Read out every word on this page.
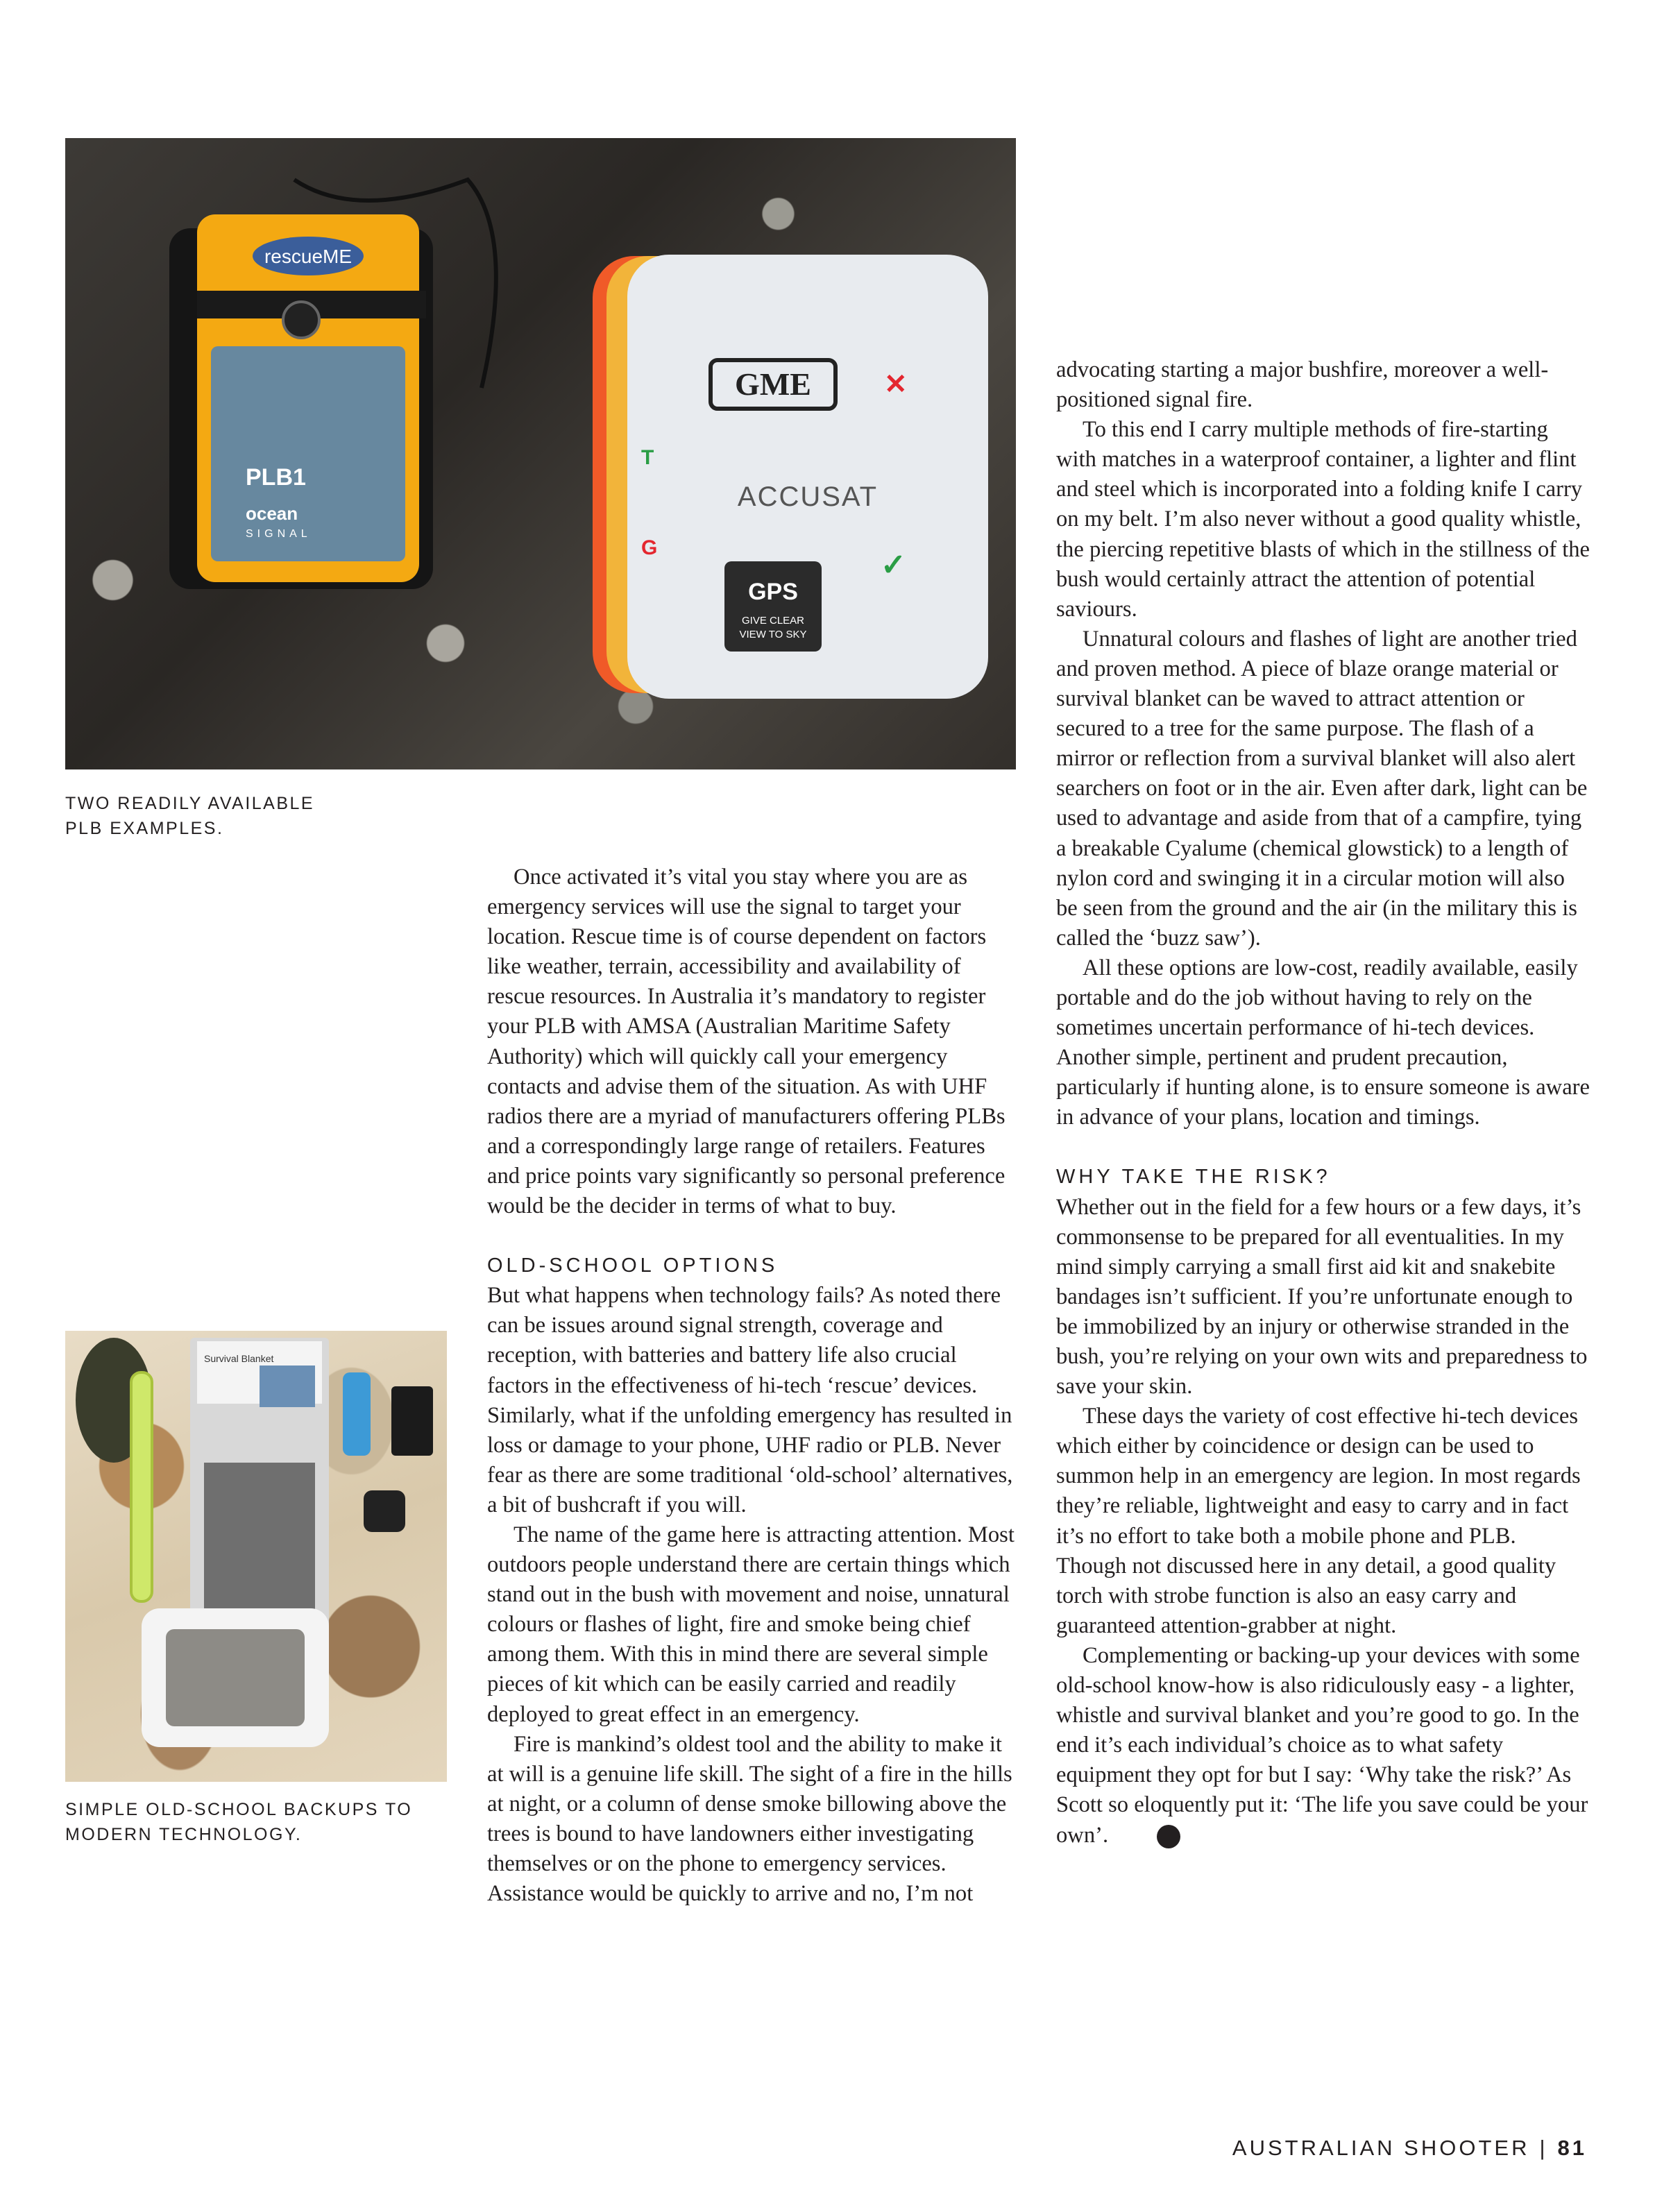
rescueME
PLB1
ocean
SIGNAL
GME	✕
ACCUSAT
T
G
✓
GPS
GIVE CLEAR
VIEW TO SKY

TWO READILY AVAILABLE
PLB EXAMPLES.

Survival Blanket

SIMPLE OLD-SCHOOL BACKUPS TO
MODERN TECHNOLOGY.

Once activated it’s vital you stay where you are as emergency services will use the signal to target your location. Rescue time is of course dependent on factors like weather, terrain, accessibility and availability of rescue resources. In Australia it’s mandatory to register your PLB with AMSA (Australian Maritime Safety Authority) which will quickly call your emergency contacts and advise them of the situation. As with UHF radios there are a myriad of manufacturers offering PLBs and a correspondingly large range of retailers. Features and price points vary significantly so personal preference would be the decider in terms of what to buy.

OLD-SCHOOL OPTIONS

But what happens when technology fails? As noted there can be issues around signal strength, coverage and reception, with batteries and battery life also crucial factors in the effectiveness of hi-tech ‘rescue’ devices. Similarly, what if the unfolding emergency has resulted in loss or damage to your phone, UHF radio or PLB. Never fear as there are some traditional ‘old-school’ alternatives, a bit of bushcraft if you will.

The name of the game here is attracting attention. Most outdoors people understand there are certain things which stand out in the bush with movement and noise, unnatural colours or flashes of light, fire and smoke being chief among them. With this in mind there are several simple pieces of kit which can be easily carried and readily deployed to great effect in an emergency.

Fire is mankind’s oldest tool and the ability to make it at will is a genuine life skill. The sight of a fire in the hills at night, or a column of dense smoke billowing above the trees is bound to have landowners either investigating themselves or on the phone to emergency services. Assistance would be quickly to arrive and no, I’m not

advocating starting a major bushfire, moreover a well-positioned signal fire.

To this end I carry multiple methods of fire-starting with matches in a waterproof container, a lighter and flint and steel which is incorporated into a folding knife I carry on my belt. I’m also never without a good quality whistle, the piercing repetitive blasts of which in the stillness of the bush would certainly attract the attention of potential saviours.

Unnatural colours and flashes of light are another tried and proven method. A piece of blaze orange material or survival blanket can be waved to attract attention or secured to a tree for the same purpose. The flash of a mirror or reflection from a survival blanket will also alert searchers on foot or in the air. Even after dark, light can be used to advantage and aside from that of a campfire, tying a breakable Cyalume (chemical glowstick) to a length of nylon cord and swinging it in a circular motion will also be seen from the ground and the air (in the military this is called the ‘buzz saw’).

All these options are low-cost, readily available, easily portable and do the job without having to rely on the sometimes uncertain performance of hi-tech devices. Another simple, pertinent and prudent precaution, particularly if hunting alone, is to ensure someone is aware in advance of your plans, location and timings.

WHY TAKE THE RISK?

Whether out in the field for a few hours or a few days, it’s commonsense to be prepared for all eventualities. In my mind simply carrying a small first aid kit and snakebite bandages isn’t sufficient. If you’re unfortunate enough to be immobilized by an injury or otherwise stranded in the bush, you’re relying on your own wits and preparedness to save your skin.

These days the variety of cost effective hi-tech devices which either by coincidence or design can be used to summon help in an emergency are legion. In most regards they’re reliable, lightweight and easy to carry and in fact it’s no effort to take both a mobile phone and PLB. Though not discussed here in any detail, a good quality torch with strobe function is also an easy carry and guaranteed attention-grabber at night.

Complementing or backing-up your devices with some old-school know-how is also ridiculously easy - a lighter, whistle and survival blanket and you’re good to go. In the end it’s each individual’s choice as to what safety equipment they opt for but I say: ‘Why take the risk?’ As Scott so eloquently put it: ‘The life you save could be your own’.

AUSTRALIAN SHOOTER | 81
